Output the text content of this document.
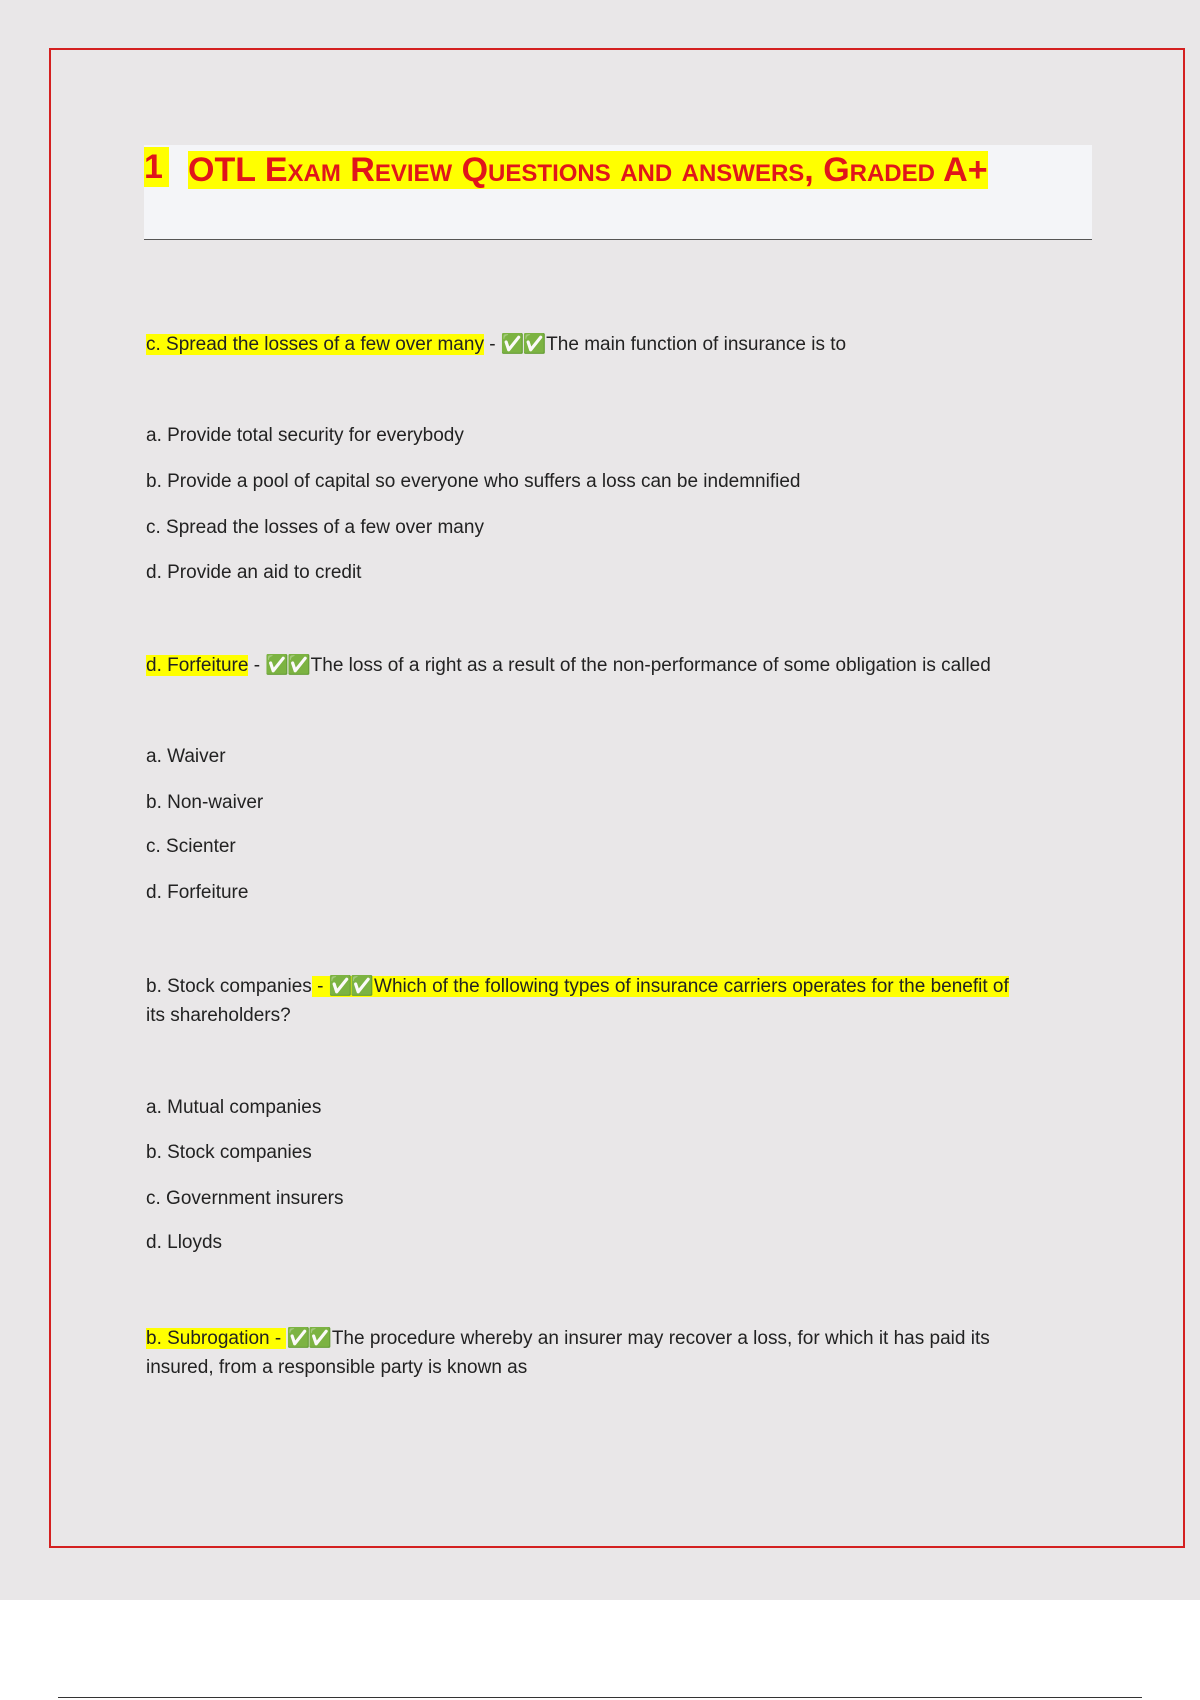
1 OTL Exam Review Questions and answers, Graded A+
c. Spread the losses of a few over many - ✅✅ The main function of insurance is to
a. Provide total security for everybody
b. Provide a pool of capital so everyone who suffers a loss can be indemnified
c. Spread the losses of a few over many
d. Provide an aid to credit
d. Forfeiture - ✅✅ The loss of a right as a result of the non-performance of some obligation is called
a. Waiver
b. Non-waiver
c. Scienter
d. Forfeiture
b. Stock companies - ✅✅ Which of the following types of insurance carriers operates for the benefit of
its shareholders?
a. Mutual companies
b. Stock companies
c. Government insurers
d. Lloyds
b. Subrogation - ✅✅ The procedure whereby an insurer may recover a loss, for which it has paid its
insured, from a responsible party is known as
